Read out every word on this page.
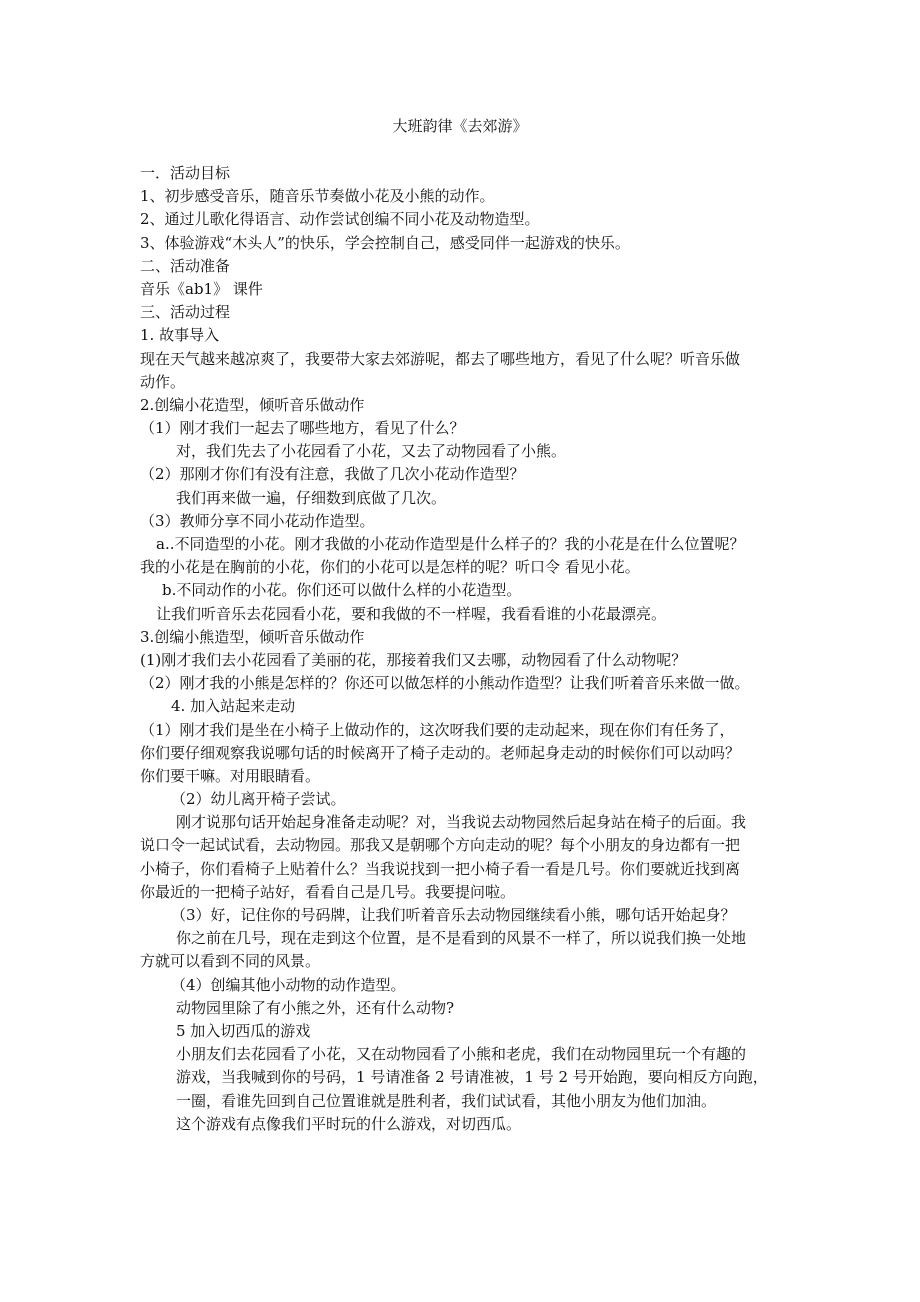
大班韵律《去郊游》
一．活动目标
1、初步感受音乐，随音乐节奏做小花及小熊的动作。
2、通过儿歌化得语言、动作尝试创编不同小花及动物造型。
3、体验游戏“木头人”的快乐，学会控制自己，感受同伴一起游戏的快乐。
二、活动准备
音乐《ab1》 课件
三、活动过程
1. 故事导入
现在天气越来越凉爽了，我要带大家去郊游呢，都去了哪些地方，看见了什么呢？听音乐做
动作。
2.创编小花造型，倾听音乐做动作
（1）刚才我们一起去了哪些地方，看见了什么？
对，我们先去了小花园看了小花，又去了动物园看了小熊。
（2）那刚才你们有没有注意，我做了几次小花动作造型？
我们再来做一遍，仔细数到底做了几次。
（3）教师分享不同小花动作造型。
a..不同造型的小花。刚才我做的小花动作造型是什么样子的？我的小花是在什么位置呢？
我的小花是在胸前的小花，你们的小花可以是怎样的呢？听口令 看见小花。
b.不同动作的小花。你们还可以做什么样的小花造型。
让我们听音乐去花园看小花，要和我做的不一样喔，我看看谁的小花最漂亮。
3.创编小熊造型，倾听音乐做动作
(1)刚才我们去小花园看了美丽的花，那接着我们又去哪，动物园看了什么动物呢？
（2）刚才我的小熊是怎样的？你还可以做怎样的小熊动作造型？让我们听着音乐来做一做。
4. 加入站起来走动
（1）刚才我们是坐在小椅子上做动作的，这次呀我们要的走动起来，现在你们有任务了，
你们要仔细观察我说哪句话的时候离开了椅子走动的。老师起身走动的时候你们可以动吗？
你们要干嘛。对用眼睛看。
（2）幼儿离开椅子尝试。
刚才说那句话开始起身准备走动呢？对，当我说去动物园然后起身站在椅子的后面。我
说口令一起试试看，去动物园。那我又是朝哪个方向走动的呢？每个小朋友的身边都有一把
小椅子，你们看椅子上贴着什么？当我说找到一把小椅子看一看是几号。你们要就近找到离
你最近的一把椅子站好，看看自己是几号。我要提问啦。
（3）好，记住你的号码牌，让我们听着音乐去动物园继续看小熊，哪句话开始起身？
你之前在几号，现在走到这个位置，是不是看到的风景不一样了，所以说我们换一处地
方就可以看到不同的风景。
（4）创编其他小动物的动作造型。
动物园里除了有小熊之外，还有什么动物?
5 加入切西瓜的游戏
小朋友们去花园看了小花，又在动物园看了小熊和老虎，我们在动物园里玩一个有趣的
游戏，当我喊到你的号码，1 号请准备 2 号请准被，1 号 2 号开始跑，要向相反方向跑，
一圈，看谁先回到自己位置谁就是胜利者，我们试试看，其他小朋友为他们加油。
这个游戏有点像我们平时玩的什么游戏，对切西瓜。
